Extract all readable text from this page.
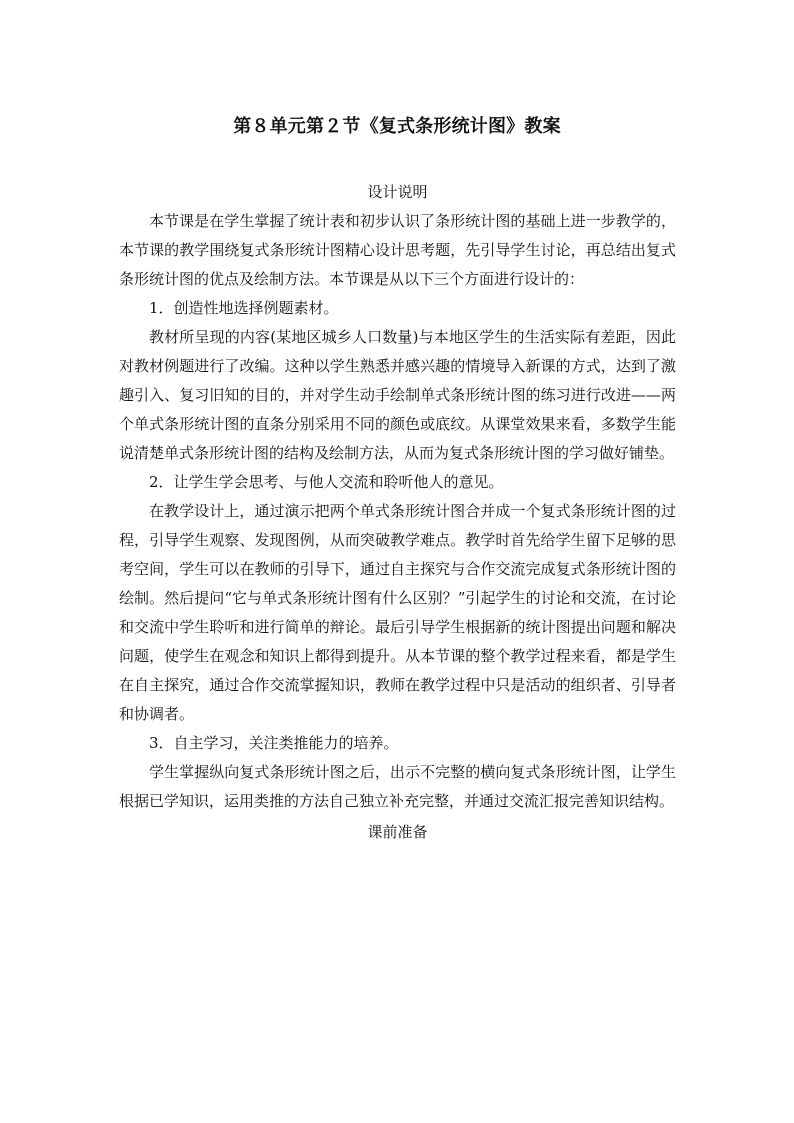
第８单元第２节《复式条形统计图》教案
设计说明

本节课是在学生掌握了统计表和初步认识了条形统计图的基础上进一步教学的，本节课的教学围绕复式条形统计图精心设计思考题，先引导学生讨论，再总结出复式条形统计图的优点及绘制方法。本节课是从以下三个方面进行设计的：

1．创造性地选择例题素材。

教材所呈现的内容(某地区城乡人口数量)与本地区学生的生活实际有差距，因此对教材例题进行了改编。这种以学生熟悉并感兴趣的情境导入新课的方式，达到了激趣引入、复习旧知的目的，并对学生动手绘制单式条形统计图的练习进行改进——两个单式条形统计图的直条分别采用不同的颜色或底纹。从课堂效果来看，多数学生能说清楚单式条形统计图的结构及绘制方法，从而为复式条形统计图的学习做好铺垫。

2．让学生学会思考、与他人交流和聆听他人的意见。

在教学设计上，通过演示把两个单式条形统计图合并成一个复式条形统计图的过程，引导学生观察、发现图例，从而突破教学难点。教学时首先给学生留下足够的思考空间，学生可以在教师的引导下，通过自主探究与合作交流完成复式条形统计图的绘制。然后提问“它与单式条形统计图有什么区别？”引起学生的讨论和交流，在讨论和交流中学生聆听和进行简单的辩论。最后引导学生根据新的统计图提出问题和解决问题，使学生在观念和知识上都得到提升。从本节课的整个教学过程来看，都是学生在自主探究，通过合作交流掌握知识，教师在教学过程中只是活动的组织者、引导者和协调者。

3．自主学习，关注类推能力的培养。

学生掌握纵向复式条形统计图之后，出示不完整的横向复式条形统计图，让学生根据已学知识，运用类推的方法自己独立补充完整，并通过交流汇报完善知识结构。

课前准备
